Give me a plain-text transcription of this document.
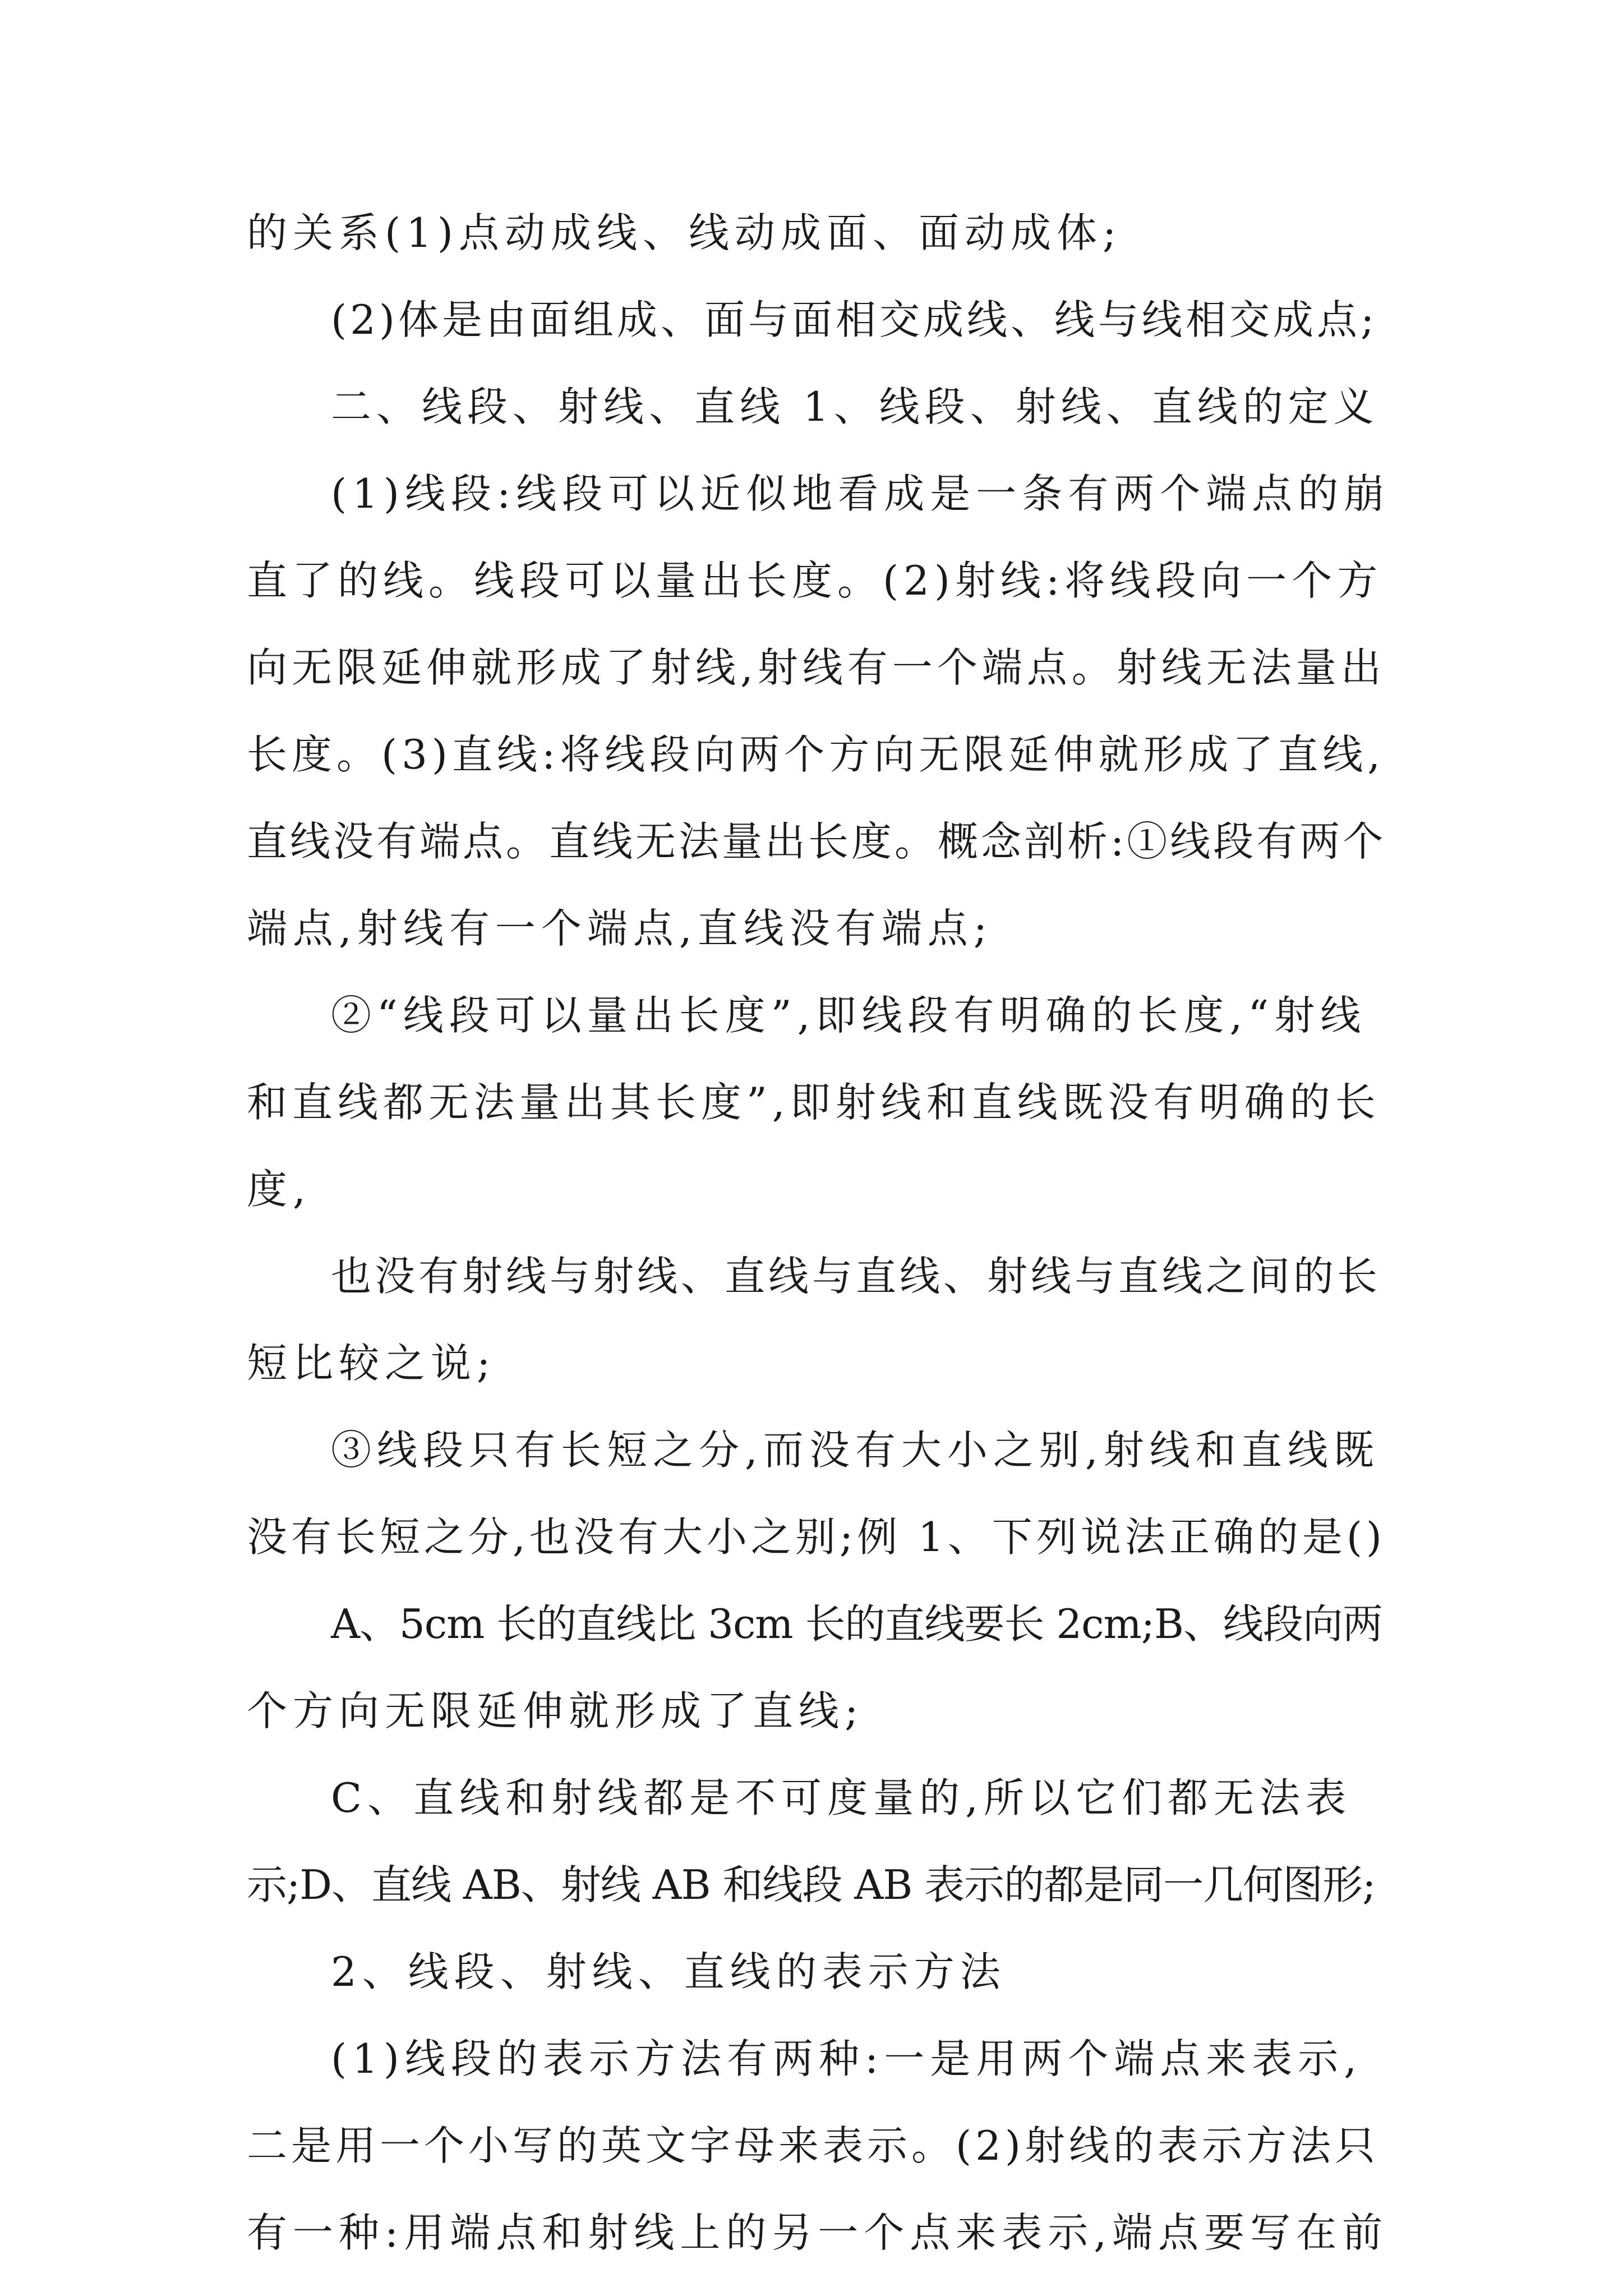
的关系(1)点动成线、线动成面、面动成体;
(2)体是由面组成、面与面相交成线、线与线相交成点;
二、线段、射线、直线 1、线段、射线、直线的定义
(1)线段:线段可以近似地看成是一条有两个端点的崩
直了的线。线段可以量出长度。(2)射线:将线段向一个方
向无限延伸就形成了射线,射线有一个端点。射线无法量出
长度。(3)直线:将线段向两个方向无限延伸就形成了直线,
直线没有端点。直线无法量出长度。概念剖析:①线段有两个
端点,射线有一个端点,直线没有端点;
②“线段可以量出长度”,即线段有明确的长度,“射线
和直线都无法量出其长度”,即射线和直线既没有明确的长
度,
也没有射线与射线、直线与直线、射线与直线之间的长
短比较之说;
③线段只有长短之分,而没有大小之别,射线和直线既
没有长短之分,也没有大小之别;例 1、下列说法正确的是()
A、5cm 长的直线比 3cm 长的直线要长 2cm;B、线段向两
个方向无限延伸就形成了直线;
C、直线和射线都是不可度量的,所以它们都无法表
示;D、直线 AB、射线 AB 和线段 AB 表示的都是同一几何图形;
2、线段、射线、直线的表示方法
(1)线段的表示方法有两种:一是用两个端点来表示,
二是用一个小写的英文字母来表示。(2)射线的表示方法只
有一种:用端点和射线上的另一个点来表示,端点要写在前
